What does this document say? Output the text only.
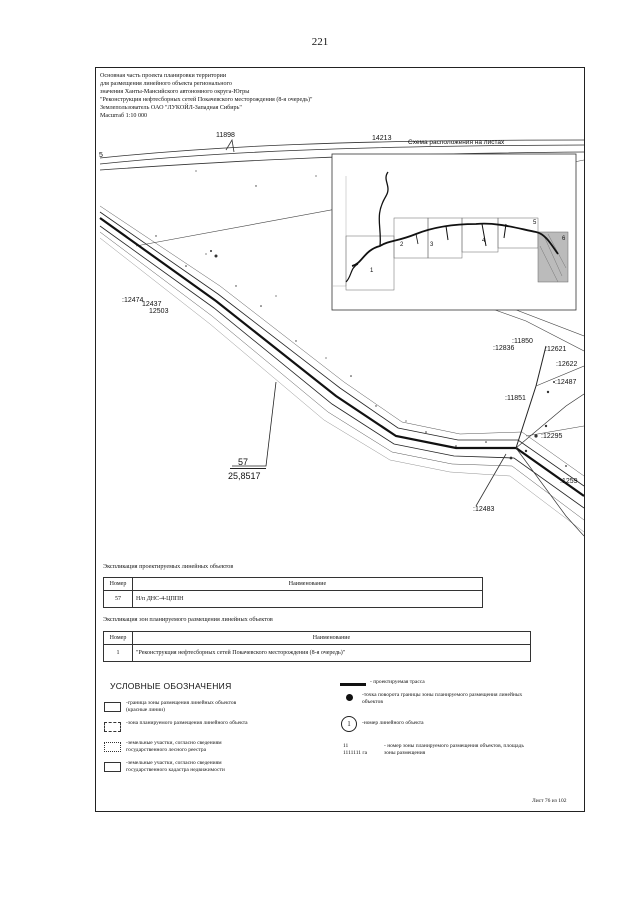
221
Основная часть проекта планировки территории
для размещения линейного объекта регионального
значения Ханты-Мансийского автономного округа-Югры
"Реконструкция нефтесборных сетей Покачевского месторождения (8-я очередь)"
Землепользователь ОАО "ЛУКОЙЛ-Западная Сибирь"
Масштаб 1:10 000
11898	14213
5
Схема расположения на листах
:12474
12437
12503
:11850
:12836	:12621
:12622
:12487
:11851
:12295
:1259
:12483
1
2	3
4
5
6
57
25,8517
Экспликация проектируемых линейных объектов
Номер	Наименование
57	Н/п ДНС-4-ЦППН
Экспликация зон планируемого размещения линейных объектов
Номер	Наименование
1	"Реконструкция нефтесборных сетей Покачевского месторождения (8-я очередь)"
УСЛОВНЫЕ ОБОЗНАЧЕНИЯ
-граница зоны размещения линейных объектов (красные линии)
-зона планируемого размещения линейного объекта
-земельные участки, согласно сведениям государственного лесного реестра
-земельные участки, согласно сведениям государственного кадастра недвижимости
- проектируемая трасса
-точка поворота границы зоны планируемого размещения линейных объектов
1	-номер линейного объекта
11
1111111 га
- номер зоны планируемого размещения объектов, площадь зоны размещения
Лист 76 из 102
